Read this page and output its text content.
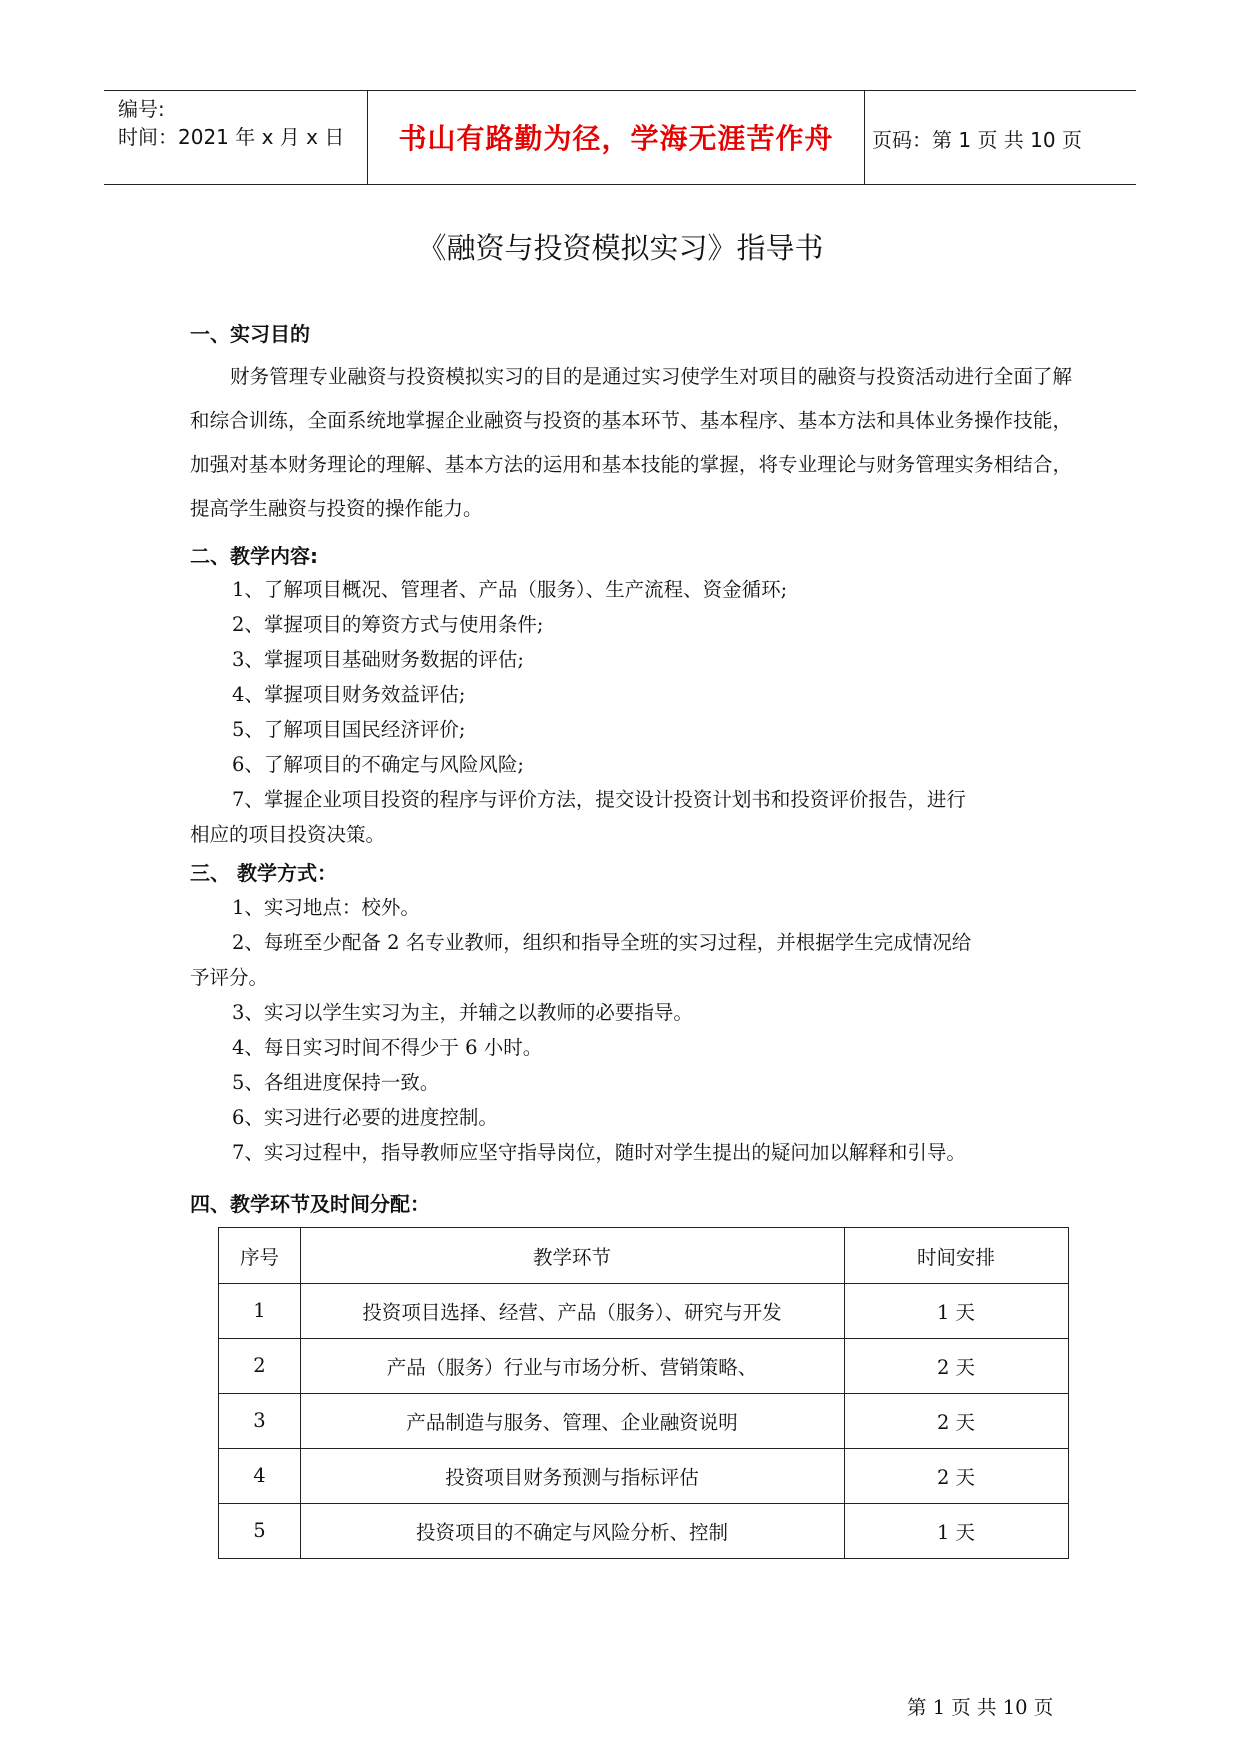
编号:
时间：2021 年 x 月 x 日	书山有路勤为径，学海无涯苦作舟	页码：第 1 页 共 10 页
《融资与投资模拟实习》指导书
一、实习目的
财务管理专业融资与投资模拟实习的目的是通过实习使学生对项目的融资与投资活动进行全面了解和综合训练，全面系统地掌握企业融资与投资的基本环节、基本程序、基本方法和具体业务操作技能，加强对基本财务理论的理解、基本方法的运用和基本技能的掌握，将专业理论与财务管理实务相结合，提高学生融资与投资的操作能力。
二、教学内容:
1、了解项目概况、管理者、产品（服务）、生产流程、资金循环;
2、掌握项目的筹资方式与使用条件;
3、掌握项目基础财务数据的评估;
4、掌握项目财务效益评估;
5、了解项目国民经济评价;
6、了解项目的不确定与风险风险;
7、掌握企业项目投资的程序与评价方法，提交设计投资计划书和投资评价报告，进行
相应的项目投资决策。
三、 教学方式：
1、实习地点：校外。
2、每班至少配备 2 名专业教师，组织和指导全班的实习过程，并根据学生完成情况给
予评分。
3、实习以学生实习为主，并辅之以教师的必要指导。
4、每日实习时间不得少于 6 小时。
5、各组进度保持一致。
6、实习进行必要的进度控制。
7、实习过程中，指导教师应坚守指导岗位，随时对学生提出的疑问加以解释和引导。
四、教学环节及时间分配：
序号	教学环节	时间安排
1	投资项目选择、经营、产品（服务）、研究与开发	1 天
2	产品（服务）行业与市场分析、营销策略、	2 天
3	产品制造与服务、管理、企业融资说明	2 天
4	投资项目财务预测与指标评估	2 天
5	投资项目的不确定与风险分析、控制	1 天
第 1 页 共 10 页
